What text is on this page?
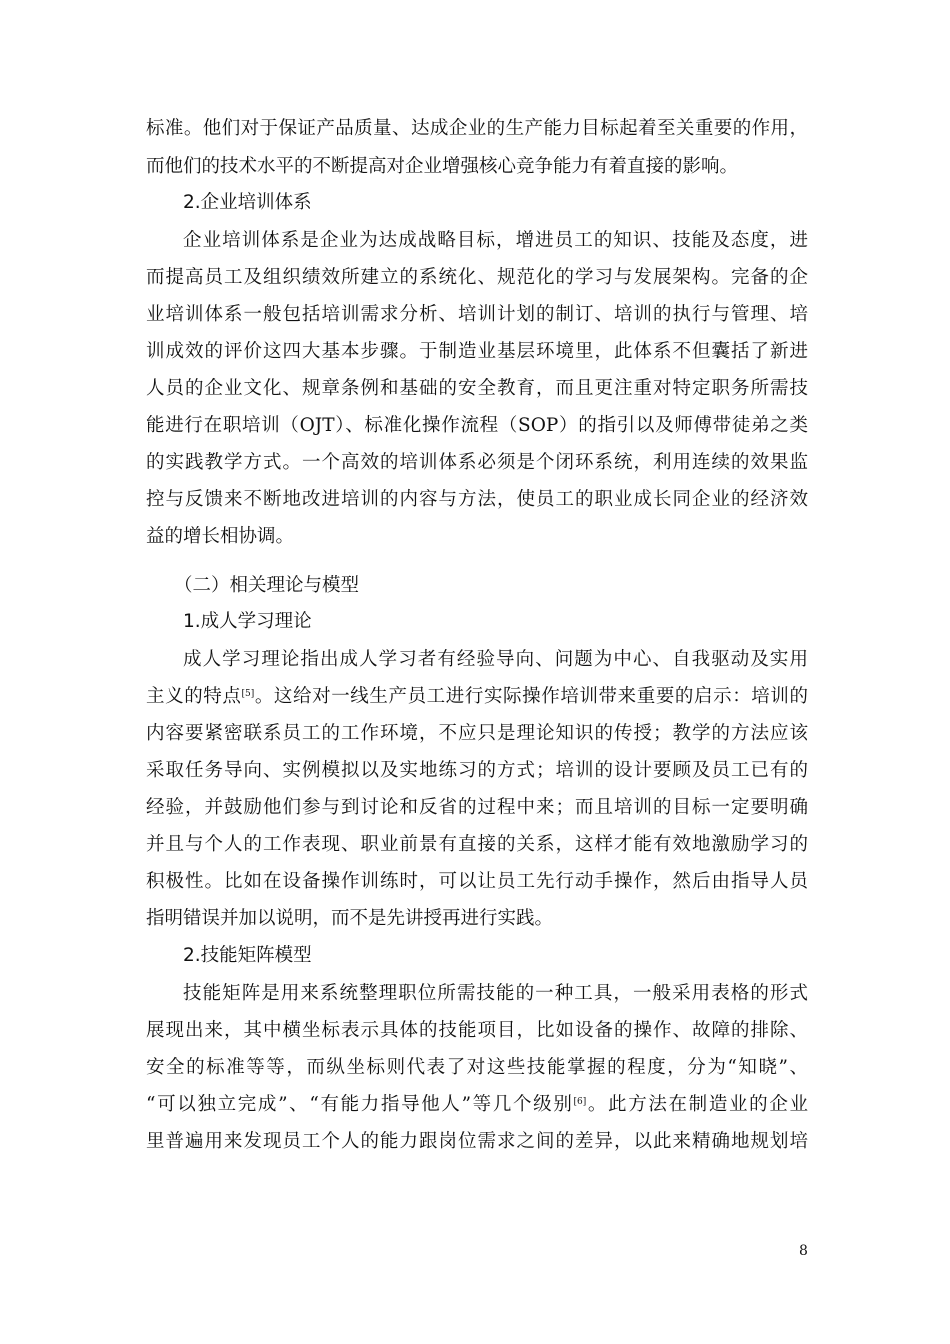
标准。他们对于保证产品质量、达成企业的生产能力目标起着至关重要的作用，
而他们的技术水平的不断提高对企业增强核心竞争能力有着直接的影响。
2.企业培训体系
企业培训体系是企业为达成战略目标，增进员工的知识、技能及态度，进
而提高员工及组织绩效所建立的系统化、规范化的学习与发展架构。完备的企
业培训体系一般包括培训需求分析、培训计划的制订、培训的执行与管理、培
训成效的评价这四大基本步骤。于制造业基层环境里，此体系不但囊括了新进
人员的企业文化、规章条例和基础的安全教育，而且更注重对特定职务所需技
能进行在职培训（OJT）、标准化操作流程（SOP）的指引以及师傅带徒弟之类
的实践教学方式。一个高效的培训体系必须是个闭环系统，利用连续的效果监
控与反馈来不断地改进培训的内容与方法，使员工的职业成长同企业的经济效
益的增长相协调。
（二）相关理论与模型
1.成人学习理论
成人学习理论指出成人学习者有经验导向、问题为中心、自我驱动及实用
主义的特点[5]。这给对一线生产员工进行实际操作培训带来重要的启示：培训的
内容要紧密联系员工的工作环境，不应只是理论知识的传授；教学的方法应该
采取任务导向、实例模拟以及实地练习的方式；培训的设计要顾及员工已有的
经验，并鼓励他们参与到讨论和反省的过程中来；而且培训的目标一定要明确
并且与个人的工作表现、职业前景有直接的关系，这样才能有效地激励学习的
积极性。比如在设备操作训练时，可以让员工先行动手操作，然后由指导人员
指明错误并加以说明，而不是先讲授再进行实践。
2.技能矩阵模型
技能矩阵是用来系统整理职位所需技能的一种工具，一般采用表格的形式
展现出来，其中横坐标表示具体的技能项目，比如设备的操作、故障的排除、
安全的标准等等，而纵坐标则代表了对这些技能掌握的程度，分为“知晓”、
“可以独立完成”、“有能力指导他人”等几个级别[6]。此方法在制造业的企业
里普遍用来发现员工个人的能力跟岗位需求之间的差异，以此来精确地规划培
8
